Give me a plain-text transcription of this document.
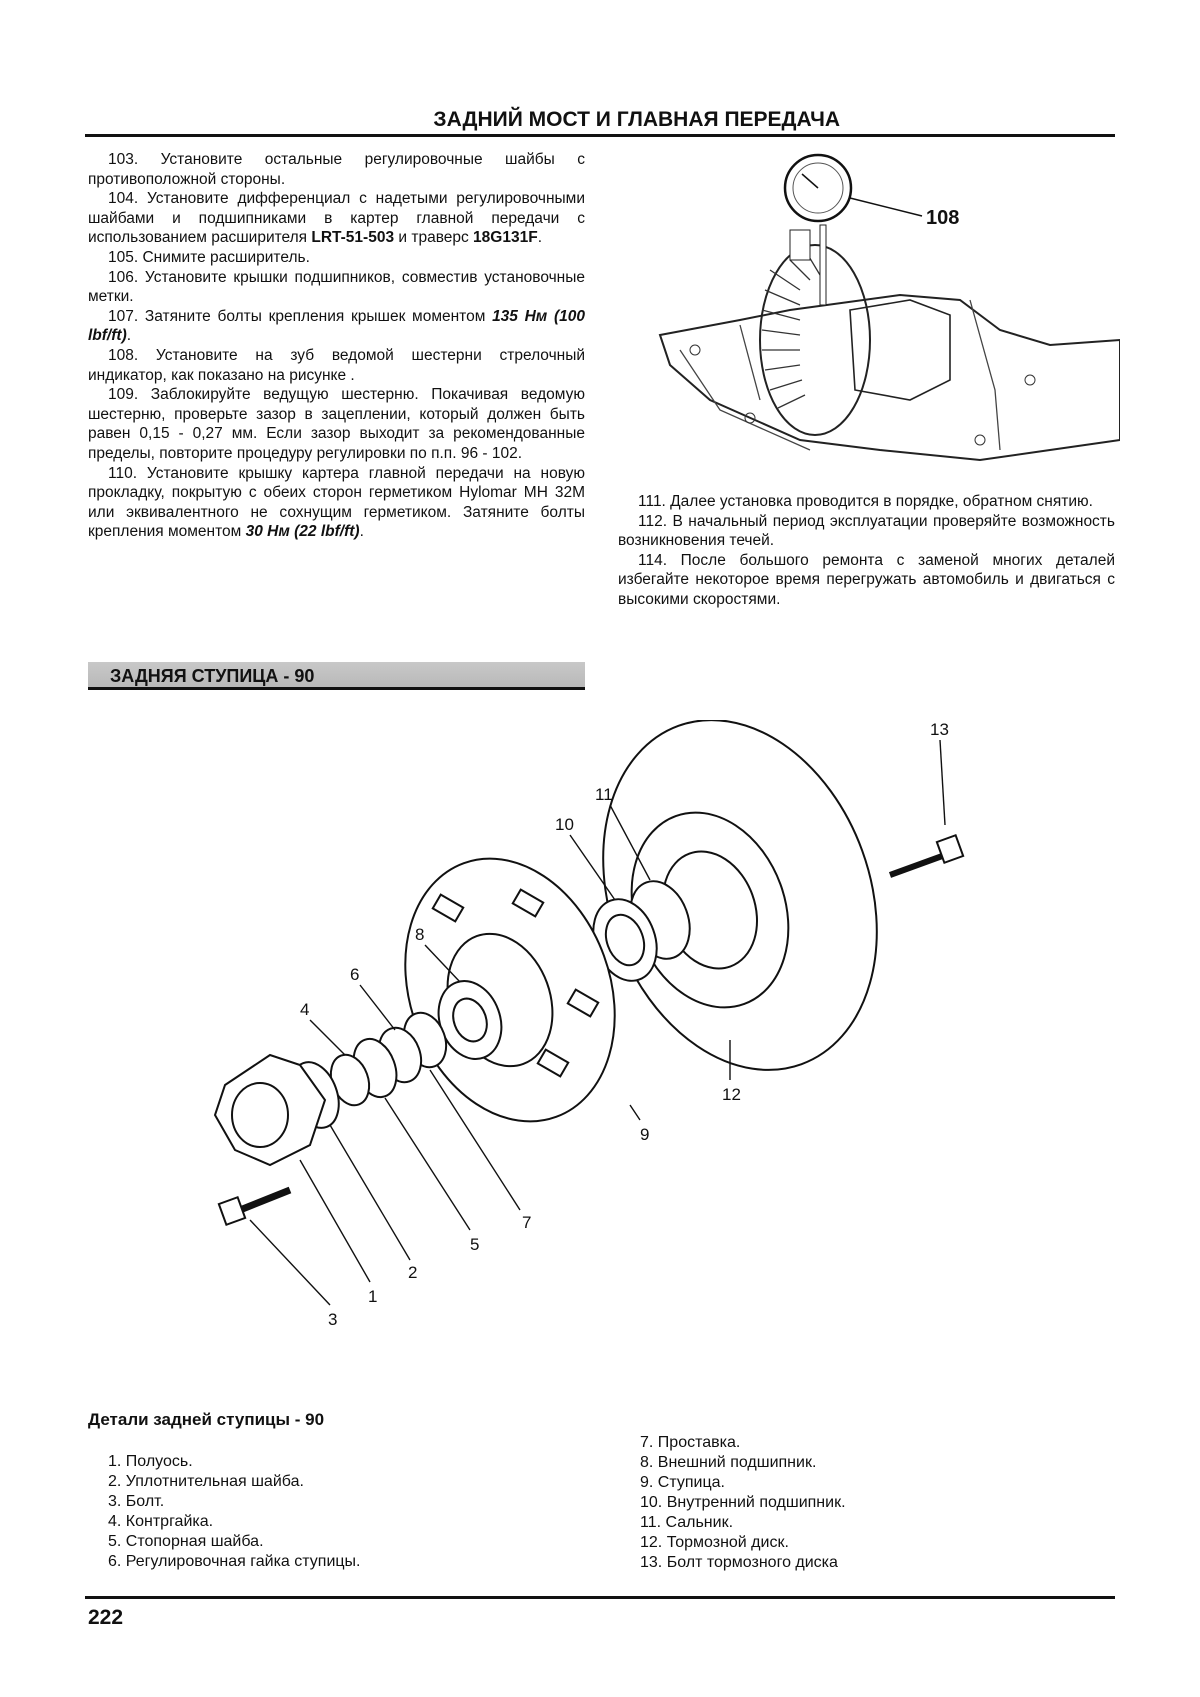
ЗАДНИЙ МОСТ И ГЛАВНАЯ ПЕРЕДАЧА

103. Установите остальные регулировочные шайбы с противоположной стороны.

104. Установите дифференциал с надетыми регулировочными шайбами и подшипниками в картер главной передачи с использованием расширителя LRT-51-503 и траверс 18G131F.

105. Снимите расширитель.

106. Установите крышки подшипников, совместив установочные метки.

107. Затяните болты крепления крышек моментом 135 Нм (100 lbf/ft).

108. Установите на зуб ведомой шестерни стрелочный индикатор, как показано на рисунке .

109. Заблокируйте ведущую шестерню. Покачивая ведомую шестерню, проверьте зазор в зацеплении, который должен быть равен 0,15 - 0,27 мм. Если зазор выходит за рекомендованные пределы, повторите процедуру регулировки по п.п. 96 - 102.

110. Установите крышку картера главной передачи на новую прокладку, покрытую с обеих сторон герметиком Hylomar MH 32M или эквивалентного не сохнущим герметиком. Затяните болты крепления моментом 30 Нм (22 lbf/ft).

108

111. Далее установка проводится в порядке, обратном снятию.

112. В начальный период эксплуатации проверяйте возможность возникновения течей.

114. После большого ремонта с заменой многих деталей избегайте некоторое время перегружать автомобиль и двигаться с высокими скоростями.

ЗАДНЯЯ СТУПИЦА - 90
13
11
10
8
6
4
12
9
7
5
2
1
3
Детали задней ступицы - 90
1. Полуось.
2. Уплотнительная шайба.
3. Болт.
4. Контргайка.
5. Стопорная шайба.
6. Регулировочная гайка ступицы.
7. Проставка.
8. Внешний подшипник.
9. Ступица.
10. Внутренний подшипник.
11. Сальник.
12. Тормозной диск.
13. Болт тормозного диска
222
